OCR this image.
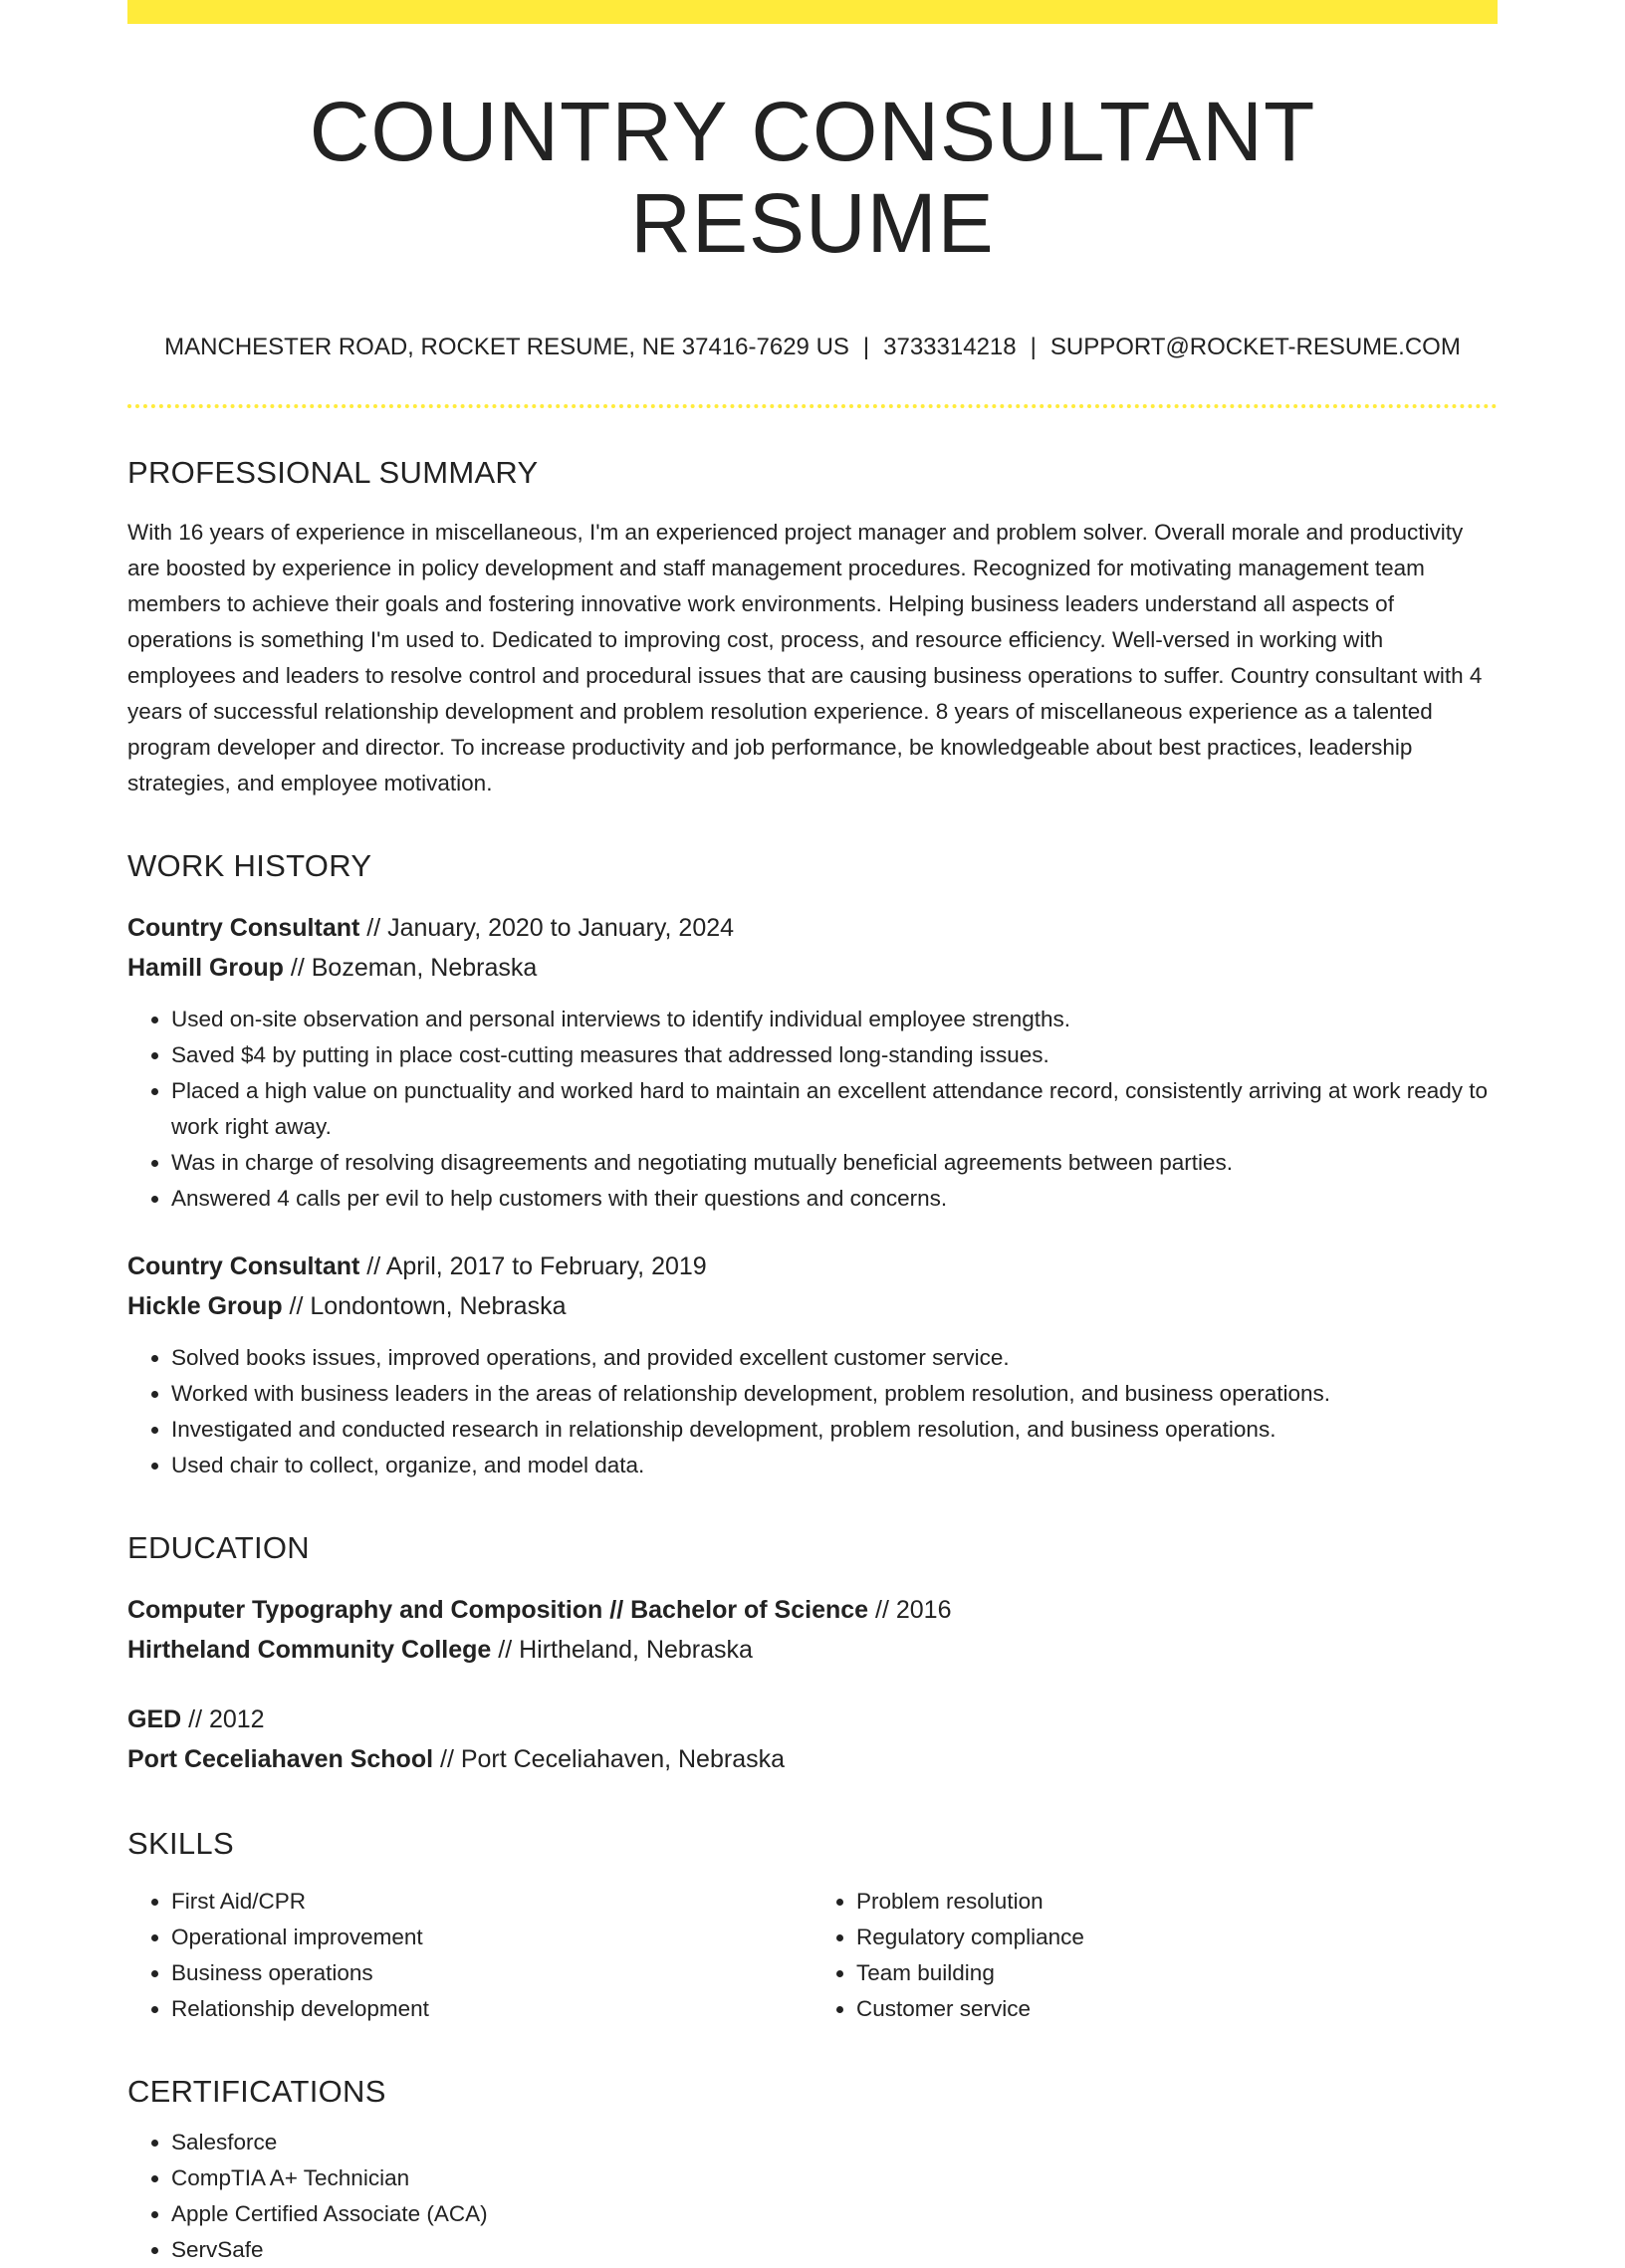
COUNTRY CONSULTANT RESUME
MANCHESTER ROAD, ROCKET RESUME, NE 37416-7629 US | 3733314218 | SUPPORT@ROCKET-RESUME.COM
PROFESSIONAL SUMMARY
With 16 years of experience in miscellaneous, I'm an experienced project manager and problem solver. Overall morale and productivity are boosted by experience in policy development and staff management procedures. Recognized for motivating management team members to achieve their goals and fostering innovative work environments. Helping business leaders understand all aspects of operations is something I'm used to. Dedicated to improving cost, process, and resource efficiency. Well-versed in working with employees and leaders to resolve control and procedural issues that are causing business operations to suffer. Country consultant with 4 years of successful relationship development and problem resolution experience. 8 years of miscellaneous experience as a talented program developer and director. To increase productivity and job performance, be knowledgeable about best practices, leadership strategies, and employee motivation.
WORK HISTORY
Country Consultant // January, 2020 to January, 2024
Hamill Group // Bozeman, Nebraska
• Used on-site observation and personal interviews to identify individual employee strengths.
• Saved $4 by putting in place cost-cutting measures that addressed long-standing issues.
• Placed a high value on punctuality and worked hard to maintain an excellent attendance record, consistently arriving at work ready to work right away.
• Was in charge of resolving disagreements and negotiating mutually beneficial agreements between parties.
• Answered 4 calls per evil to help customers with their questions and concerns.
Country Consultant // April, 2017 to February, 2019
Hickle Group // Londontown, Nebraska
• Solved books issues, improved operations, and provided excellent customer service.
• Worked with business leaders in the areas of relationship development, problem resolution, and business operations.
• Investigated and conducted research in relationship development, problem resolution, and business operations.
• Used chair to collect, organize, and model data.
EDUCATION
Computer Typography and Composition // Bachelor of Science // 2016
Hirtheland Community College // Hirtheland, Nebraska
GED // 2012
Port Ceceliahaven School // Port Ceceliahaven, Nebraska
SKILLS
• First Aid/CPR
• Operational improvement
• Business operations
• Relationship development
• Problem resolution
• Regulatory compliance
• Team building
• Customer service
CERTIFICATIONS
• Salesforce
• CompTIA A+ Technician
• Apple Certified Associate (ACA)
• ServSafe
